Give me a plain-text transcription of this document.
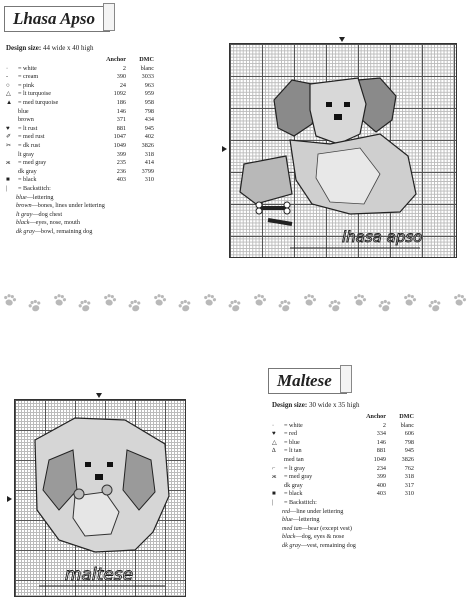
Lhasa Apso

Design size: 44 wide x 40 high
Anchor	DMC
·	= white	2	blanc
-	= cream	390	3033
○	= pink	24	963
△	= lt turquoise	1092	959
▲ = med turquoise	186	958
blue	146	798
brown	371	434
♥	= lt rust	881	945
✐	= med rust	1047	402
✂	= dk rust	1049	3826
lt gray	399	318
ж	= med gray	235	414
dk gray	236	3799
■	= black	403	310
|	= Backstitch:
blue—lettering
brown—bones, lines under lettering
lt gray—dog chest
black—eyes, nose, mouth
dk gray—bowl, remaining dog	lhasa apso
Maltese
Design size: 30 wide x 35 high
Anchor	DMC
·	= white	2	blanc
♥	= red	334	606
△	= blue	146	798
∆	= lt tan	881	945
med tan	1049	3826
⌐	= lt gray	234	762
ж	= med gray	399	318
dk gray	400	317
■	= black	403	310
|	= Backstitch:
red—line under lettering
blue—lettering
med tan—bear (except vest)
black—dog, eyes & nose
dk gray—vest, remaining dog
maltese
